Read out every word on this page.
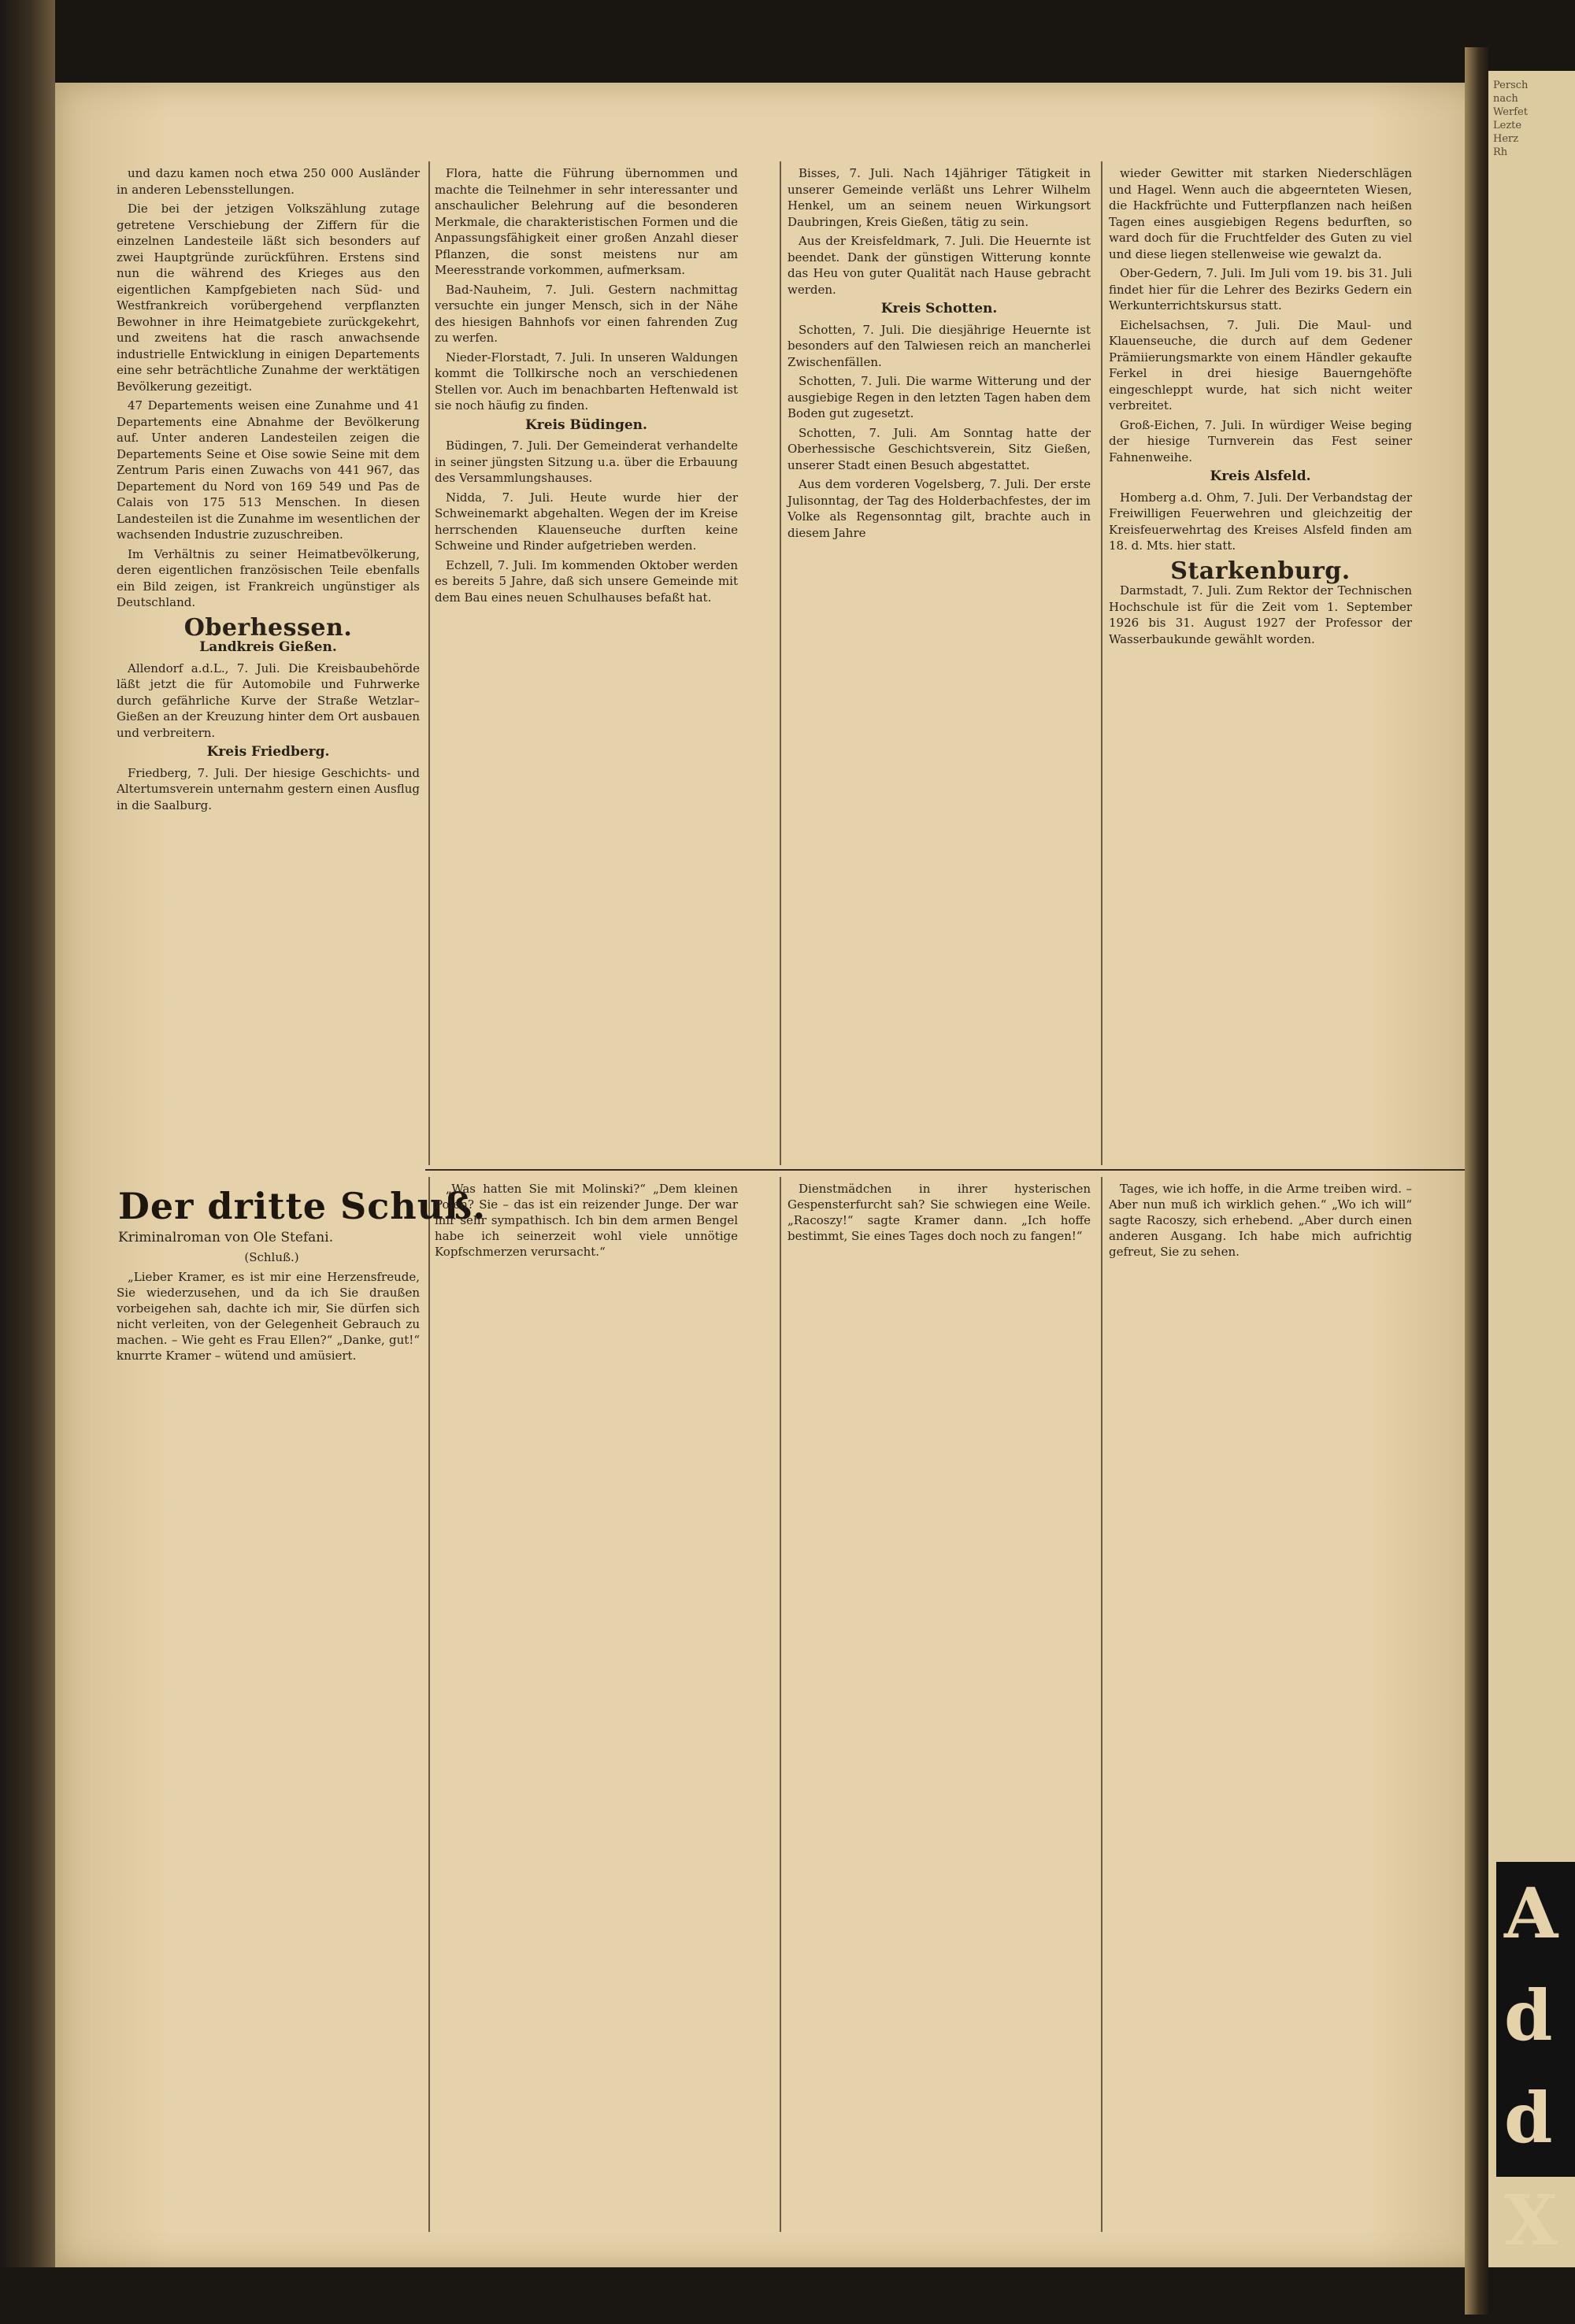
Persch
nach
Werfet
Lezte
Herz
Rh
A
d
d
X

und dazu kamen noch etwa 250 000 Ausländer in anderen Lebensstellungen.

Die bei der jetzigen Volkszählung zutage getretene Verschiebung der Ziffern für die einzelnen Landesteile läßt sich besonders auf zwei Hauptgründe zurückführen. Erstens sind nun die während des Krieges aus den eigentlichen Kampfgebieten nach Süd- und Westfrankreich vorübergehend verpflanzten Bewohner in ihre Heimatgebiete zurückgekehrt, und zweitens hat die rasch anwachsende industrielle Entwicklung in einigen Departements eine sehr beträchtliche Zunahme der werktätigen Bevölkerung gezeitigt.

47 Departements weisen eine Zunahme und 41 Departements eine Abnahme der Bevölkerung auf. Unter anderen Landesteilen zeigen die Departements Seine et Oise sowie Seine mit dem Zentrum Paris einen Zuwachs von 441 967, das Departement du Nord von 169 549 und Pas de Calais von 175 513 Menschen. In diesen Landesteilen ist die Zunahme im wesentlichen der wachsenden Industrie zuzuschreiben.

Im Verhältnis zu seiner Heimatbevölkerung, deren eigentlichen französischen Teile ebenfalls ein Bild zeigen, ist Frankreich ungünstiger als Deutschland.

Oberhessen.
Landkreis Gießen.

Allendorf a.d.L., 7. Juli. Die Kreisbaubehörde läßt jetzt die für Automobile und Fuhrwerke durch gefährliche Kurve der Straße Wetzlar–Gießen an der Kreuzung hinter dem Ort ausbauen und verbreitern.

Kreis Friedberg.

Friedberg, 7. Juli. Der hiesige Geschichts- und Altertumsverein unternahm gestern einen Ausflug in die Saalburg.

Flora, hatte die Führung übernommen und machte die Teilnehmer in sehr interessanter und anschaulicher Belehrung auf die besonderen Merkmale, die charakteristischen Formen und die Anpassungsfähigkeit einer großen Anzahl dieser Pflanzen, die sonst meistens nur am Meeresstrande vorkommen, aufmerksam.

Bad-Nauheim, 7. Juli. Gestern nachmittag versuchte ein junger Mensch, sich in der Nähe des hiesigen Bahnhofs vor einen fahrenden Zug zu werfen.

Nieder-Florstadt, 7. Juli. In unseren Waldungen kommt die Tollkirsche noch an verschiedenen Stellen vor. Auch im benachbarten Heftenwald ist sie noch häufig zu finden.

Kreis Büdingen.

Büdingen, 7. Juli. Der Gemeinderat verhandelte in seiner jüngsten Sitzung u.a. über die Erbauung des Versammlungshauses.

Nidda, 7. Juli. Heute wurde hier der Schweinemarkt abgehalten. Wegen der im Kreise herrschenden Klauenseuche durften keine Schweine und Rinder aufgetrieben werden.

Echzell, 7. Juli. Im kommenden Oktober werden es bereits 5 Jahre, daß sich unsere Gemeinde mit dem Bau eines neuen Schulhauses befaßt hat.

Bisses, 7. Juli. Nach 14jähriger Tätigkeit in unserer Gemeinde verläßt uns Lehrer Wilhelm Henkel, um an seinem neuen Wirkungsort Daubringen, Kreis Gießen, tätig zu sein.

Aus der Kreisfeldmark, 7. Juli. Die Heuernte ist beendet. Dank der günstigen Witterung konnte das Heu von guter Qualität nach Hause gebracht werden.

Kreis Schotten.

Schotten, 7. Juli. Die diesjährige Heuernte ist besonders auf den Talwiesen reich an mancherlei Zwischenfällen.

Schotten, 7. Juli. Die warme Witterung und der ausgiebige Regen in den letzten Tagen haben dem Boden gut zugesetzt.

Schotten, 7. Juli. Am Sonntag hatte der Oberhessische Geschichtsverein, Sitz Gießen, unserer Stadt einen Besuch abgestattet.

Aus dem vorderen Vogelsberg, 7. Juli. Der erste Julisonntag, der Tag des Holderbachfestes, der im Volke als Regensonntag gilt, brachte auch in diesem Jahre

wieder Gewitter mit starken Niederschlägen und Hagel. Wenn auch die abgeernteten Wiesen, die Hackfrüchte und Futterpflanzen nach heißen Tagen eines ausgiebigen Regens bedurften, so ward doch für die Fruchtfelder des Guten zu viel und diese liegen stellenweise wie gewalzt da.

Ober-Gedern, 7. Juli. Im Juli vom 19. bis 31. Juli findet hier für die Lehrer des Bezirks Gedern ein Werkunterrichtskursus statt.

Eichelsachsen, 7. Juli. Die Maul- und Klauenseuche, die durch auf dem Gedener Prämiierungsmarkte von einem Händler gekaufte Ferkel in drei hiesige Bauerngehöfte eingeschleppt wurde, hat sich nicht weiter verbreitet.

Groß-Eichen, 7. Juli. In würdiger Weise beging der hiesige Turnverein das Fest seiner Fahnenweihe.

Kreis Alsfeld.

Homberg a.d. Ohm, 7. Juli. Der Verbandstag der Freiwilligen Feuerwehren und gleichzeitig der Kreisfeuerwehrtag des Kreises Alsfeld finden am 18. d. Mts. hier statt.

Starkenburg.

Darmstadt, 7. Juli. Zum Rektor der Technischen Hochschule ist für die Zeit vom 1. September 1926 bis 31. August 1927 der Professor der Wasserbaukunde gewählt worden.

Der dritte Schuß.
Kriminalroman von Ole Stefani.
(Schluß.)

„Lieber Kramer, es ist mir eine Herzensfreude, Sie wiederzusehen, und da ich Sie draußen vorbeigehen sah, dachte ich mir, Sie dürfen sich nicht verleiten, von der Gelegenheit Gebrauch zu machen. – Wie geht es Frau Ellen?“ „Danke, gut!“ knurrte Kramer – wütend und amüsiert.

„Was hatten Sie mit Molinski?“ „Dem kleinen Polen? Sie – das ist ein reizender Junge. Der war mir sehr sympathisch. Ich bin dem armen Bengel habe ich seinerzeit wohl viele unnötige Kopfschmerzen verursacht.“

Dienstmädchen in ihrer hysterischen Gespensterfurcht sah? Sie schwiegen eine Weile. „Racoszy!“ sagte Kramer dann. „Ich hoffe bestimmt, Sie eines Tages doch noch zu fangen!“

Tages, wie ich hoffe, in die Arme treiben wird. – Aber nun muß ich wirklich gehen.“ „Wo ich will“ sagte Racoszy, sich erhebend. „Aber durch einen anderen Ausgang. Ich habe mich aufrichtig gefreut, Sie zu sehen.
